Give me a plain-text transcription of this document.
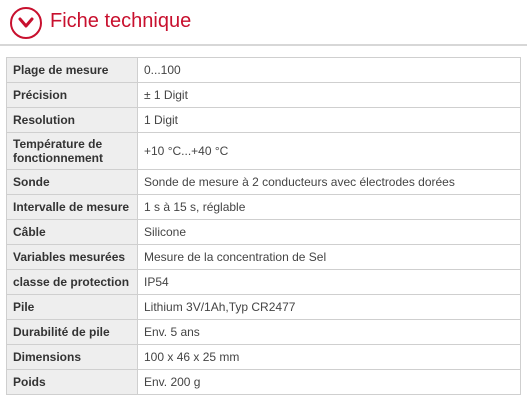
Fiche technique
Plage de mesure	0...100
Précision	± 1 Digit
Resolution	1 Digit
Température de fonctionnement	+10 °C...+40 °C
Sonde	Sonde de mesure à 2 conducteurs avec électrodes dorées
Intervalle de mesure	1 s à 15 s, réglable
Câble	Silicone
Variables mesurées	Mesure de la concentration de Sel
classe de protection	IP54
Pile	Lithium 3V/1Ah,Typ CR2477
Durabilité de pile	Env. 5 ans
Dimensions	100 x 46 x 25 mm
Poids	Env. 200 g
